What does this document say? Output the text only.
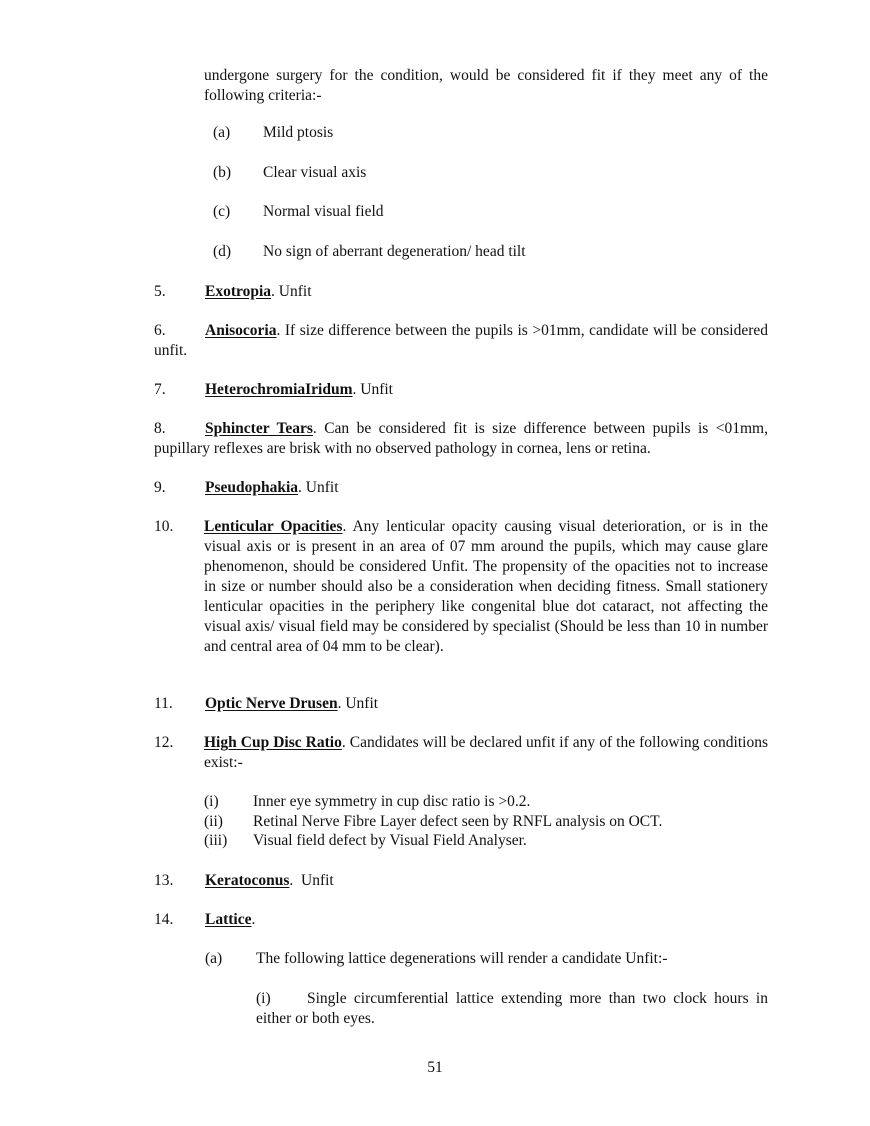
undergone surgery for the condition, would be considered fit if they meet any of the following criteria:-

(a) Mild ptosis
(b) Clear visual axis
(c) Normal visual field
(d) No sign of aberrant degeneration/ head tilt
5.	Exotropia. Unfit

6.	Anisocoria. If size difference between the pupils is >01mm, candidate will be considered unfit.

7.	HeterochromiaIridum. Unfit

8.	Sphincter Tears. Can be considered fit is size difference between pupils is <01mm, pupillary reflexes are brisk with no observed pathology in cornea, lens or retina.

9.	Pseudophakia. Unfit
10. Lenticular Opacities. Any lenticular opacity causing visual deterioration, or is in the visual axis or is present in an area of 07 mm around the pupils, which may cause glare phenomenon, should be considered Unfit. The propensity of the opacities not to increase in size or number should also be a consideration when deciding fitness. Small stationery lenticular opacities in the periphery like congenital blue dot cataract, not affecting the visual axis/ visual field may be considered by specialist (Should be less than 10 in number and central area of 04 mm to be clear).

11. Optic Nerve Drusen. Unfit
12. High Cup Disc Ratio. Candidates will be declared unfit if any of the following conditions exist:-

(i) Inner eye symmetry in cup disc ratio is >0.2.
(ii) Retinal Nerve Fibre Layer defect seen by RNFL analysis on OCT.
(iii) Visual field defect by Visual Field Analyser.
13. Keratoconus.  Unfit
14. Lattice.
(a) The following lattice degenerations will render a candidate Unfit:-

(i) Single circumferential lattice extending more than two clock hours in either or both eyes.

51
